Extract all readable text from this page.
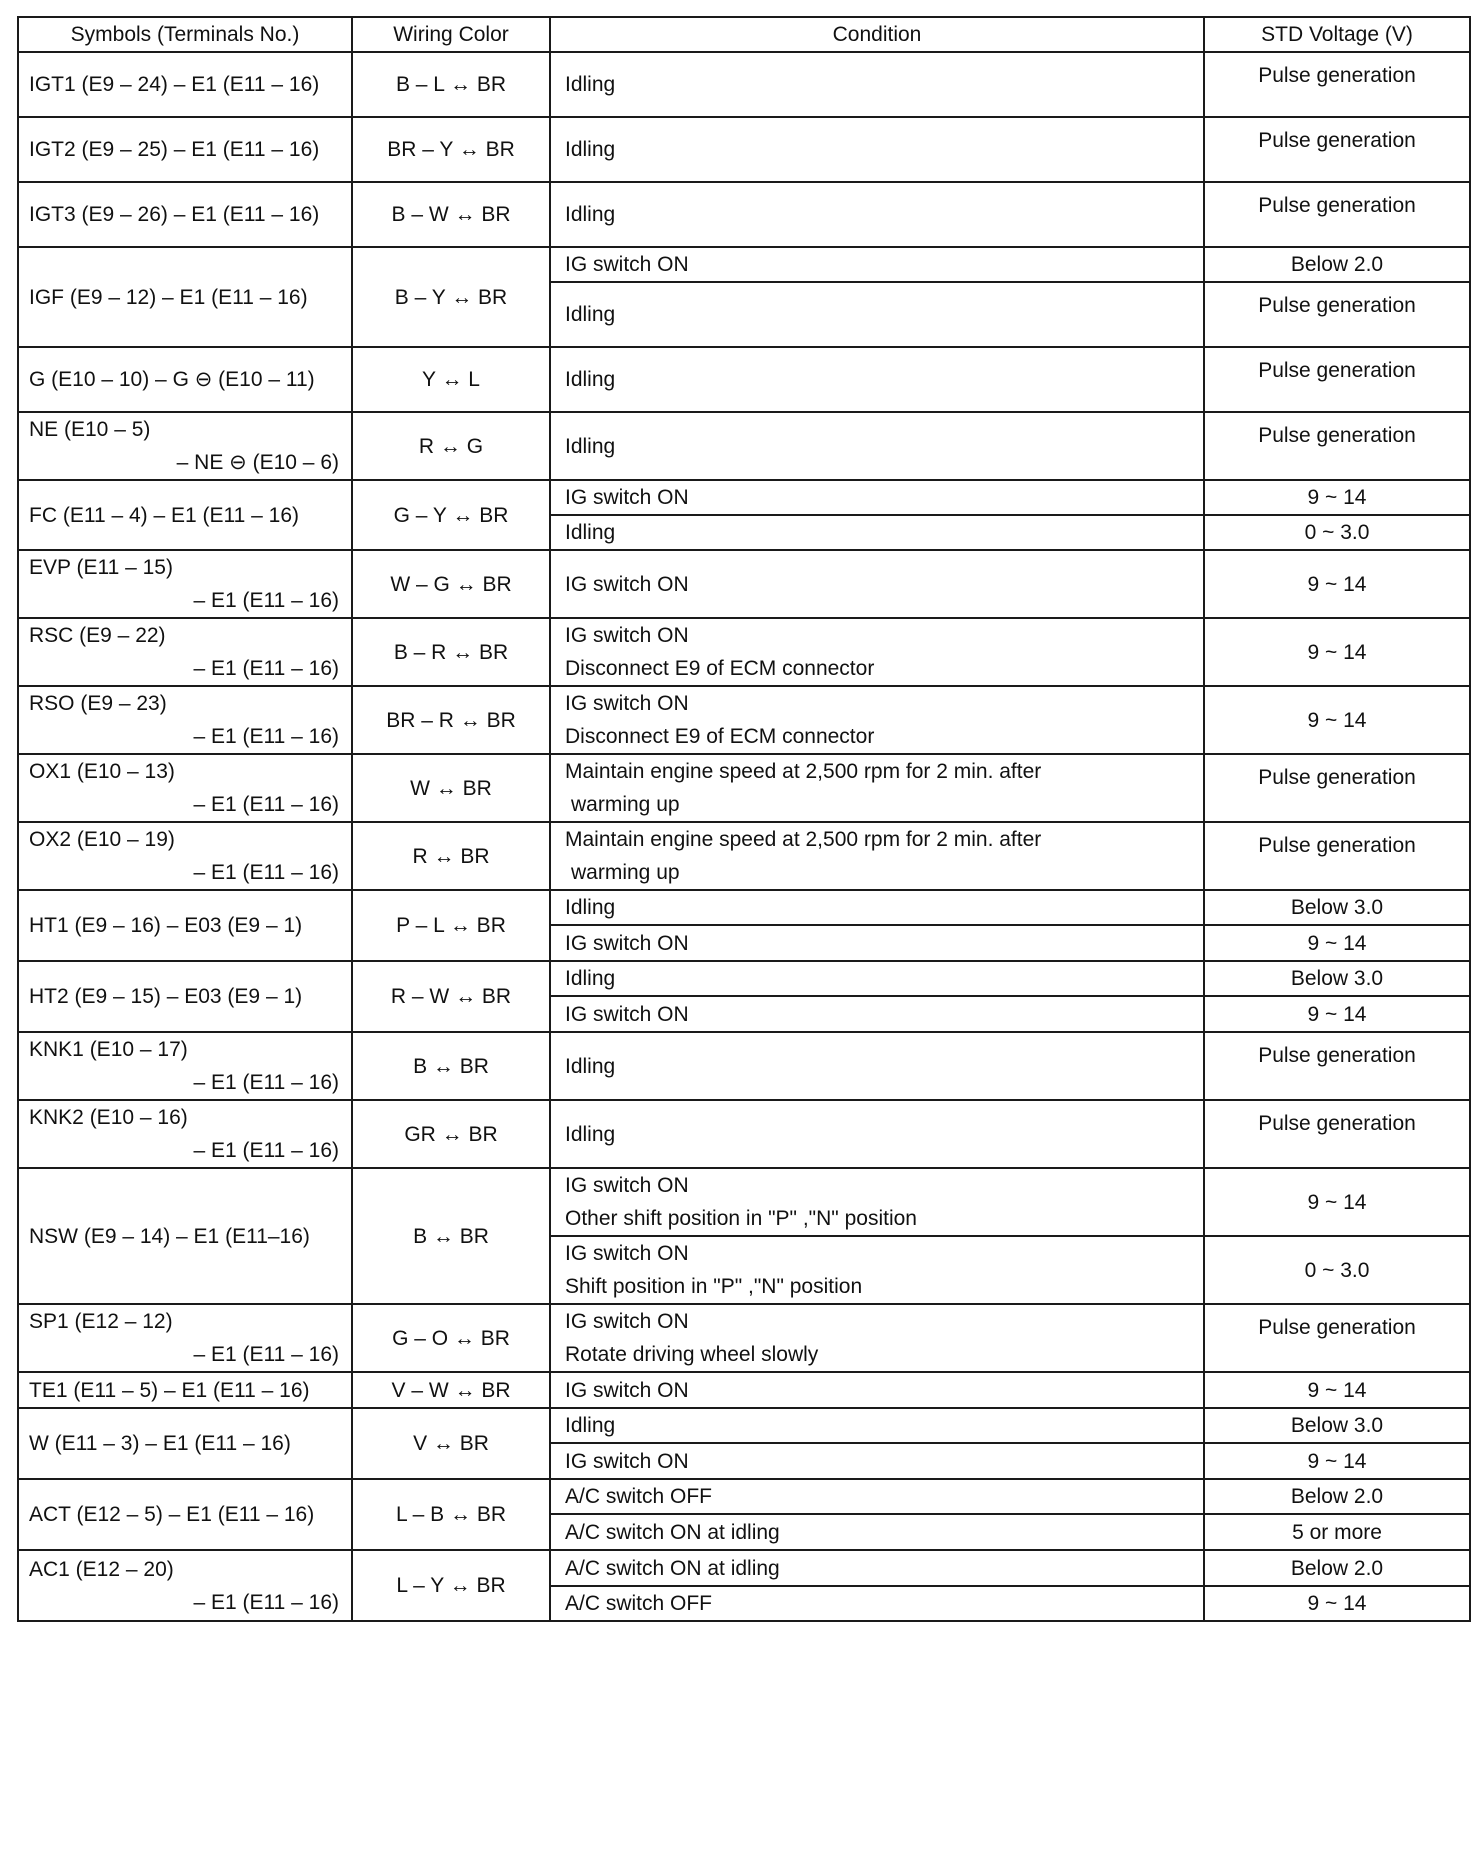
Symbols (Terminals No.)	Wiring Color	Condition	STD Voltage (V)

IGT1 (E9 – 24) – E1 (E11 – 16)	B – L ↔ BR	Idling	Pulse generation

IGT2 (E9 – 25) – E1 (E11 – 16)	BR – Y ↔ BR	Idling	Pulse generation

IGT3 (E9 – 26) – E1 (E11 – 16)	B – W ↔ BR	Idling	Pulse generation

IGF (E9 – 12) – E1 (E11 – 16)	B – Y ↔ BR	IG switch ON	Below 2.0

		Idling	Pulse generation

G (E10 – 10) – G ⊖ (E10 – 11)	Y ↔ L	Idling	Pulse generation

NE (E10 – 5)
– NE ⊖ (E10 – 6)	R ↔ G	Idling	Pulse generation

FC (E11 – 4) – E1 (E11 – 16)	G – Y ↔ BR	IG switch ON	9 ~ 14

		Idling	0 ~ 3.0

EVP (E11 – 15)
– E1 (E11 – 16)	W – G ↔ BR	IG switch ON	9 ~ 14

RSC (E9 – 22)
– E1 (E11 – 16)	B – R ↔ BR	IG switch ON
Disconnect E9 of ECM connector	9 ~ 14

RSO (E9 – 23)
– E1 (E11 – 16)	BR – R ↔ BR	IG switch ON
Disconnect E9 of ECM connector	9 ~ 14

OX1 (E10 – 13)
– E1 (E11 – 16)	W ↔ BR	Maintain engine speed at 2,500 rpm for 2 min. after
warming up	Pulse generation

OX2 (E10 – 19)
– E1 (E11 – 16)	R ↔ BR	Maintain engine speed at 2,500 rpm for 2 min. after
warming up	Pulse generation

HT1 (E9 – 16) – E03 (E9 – 1)	P – L ↔ BR	Idling	Below 3.0

		IG switch ON	9 ~ 14

HT2 (E9 – 15) – E03 (E9 – 1)	R – W ↔ BR	Idling	Below 3.0

		IG switch ON	9 ~ 14

KNK1 (E10 – 17)
– E1 (E11 – 16)	B ↔ BR	Idling	Pulse generation

KNK2 (E10 – 16)
– E1 (E11 – 16)	GR ↔ BR	Idling	Pulse generation

NSW (E9 – 14) – E1 (E11–16)	B ↔ BR	IG switch ON
Other shift position in "P" ,"N" position	9 ~ 14

		IG switch ON
Shift position in "P" ,"N" position	0 ~ 3.0

SP1 (E12 – 12)
– E1 (E11 – 16)	G – O ↔ BR	IG switch ON
Rotate driving wheel slowly	Pulse generation

TE1 (E11 – 5) – E1 (E11 – 16)	V – W ↔ BR	IG switch ON	9 ~ 14

W (E11 – 3) – E1 (E11 – 16)	V ↔ BR	Idling	Below 3.0

		IG switch ON	9 ~ 14

ACT (E12 – 5) – E1 (E11 – 16)	L – B ↔ BR	A/C switch OFF	Below 2.0

		A/C switch ON at idling	5 or more

AC1 (E12 – 20)
– E1 (E11 – 16)	L – Y ↔ BR	A/C switch ON at idling	Below 2.0

		A/C switch OFF	9 ~ 14
